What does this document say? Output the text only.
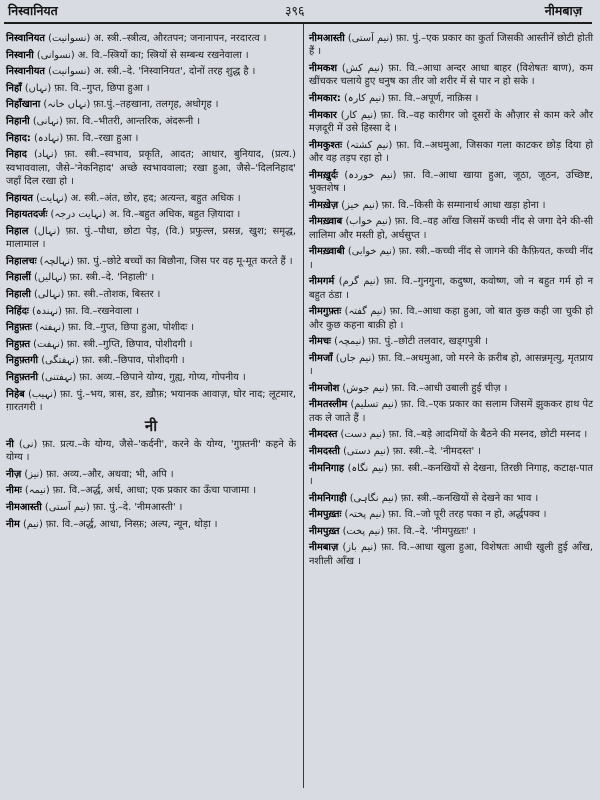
निस्वानियत	३९६	नीमबाज़
निस्वानियत (نسوانیت) अ. स्त्री.–स्त्रीत्व, औरतपन; जनानापन, नरदारत्व ।
निस्वानी (نسوانی) अ. वि.–स्त्रियों का; स्त्रियों से सम्बन्ध रखनेवाला ।
निस्वानीयत (نسوانیت) अ. स्त्री.–दे. 'निस्वानियत', दोनों तरह शुद्ध है ।
निहाँ (نہاں) फ़ा. वि.–गुप्त, छिपा हुआ ।
निहाँखाना (نہاں خانہ) फ़ा.पुं.–तहखाना, तलगृह, अधोगृह ।
निहानी (نہانی) फ़ा. वि.–भीतरी, आन्तरिक, अंदरूनी ।
निहाद: (نہادہ) फ़ा. वि.–रखा हुआ ।
निहाद (نہاد) फ़ा. स्त्री.–स्वभाव, प्रकृति, आदत; आधार, बुनियाद, (प्रत्य.) स्वभाववाला, जैसे–'नेकनिहाद' अच्छे स्वभाववाला; रखा हुआ, जैसे–'दिलनिहाद' जहाँ दिल रखा हो ।
निहायत (نہایت) अ. स्त्री.–अंत, छोर, हद; अत्यन्त, बहुत अधिक ।
निहायतदर्जः (نہایت درجہ) अ. वि.–बहुत अधिक, बहुत ज़ियादा ।
निहाल (نہال) फ़ा. पुं.–पौधा, छोटा पेड़, (वि.) प्रफुल्ल, प्रसन्न, खुश; समृद्ध, मालामाल ।
निहालचः (نہالچہ) फ़ा. पुं.–छोटे बच्चों का बिछौना, जिस पर वह मू-मूत करते हैं ।
निहालीं (نہالیں) फ़ा. स्त्री.–दे. 'निहाली' ।
निहाली (نہالی) फ़ा. स्त्री.–तोशक, बिस्तर ।
निहिंदः (نہندہ) फ़ा. वि.–रखनेवाला ।
निहुफ़्तः (نہفتہ) फ़ा. वि.–गुप्त, छिपा हुआ, पोशीदः ।
निहुफ़्त (نہفت) फ़ा. स्त्री.–गुप्ति, छिपाव, पोशीदगी ।
निहुफ़्तगी (نہفتگی) फ़ा. स्त्री.–छिपाव, पोशीदगी ।
निहुफ़्तनी (نہفتنی) फ़ा. अव्य.–छिपाने योग्य, गुह्य, गोप्य, गोपनीय ।
निहेब (نہیب) फ़ा. पुं.–भय, त्रास, डर, ख़ौफ़; भयानक आवाज़, घोर नाद; लूटमार, ग़ारतगरी ।
नी
नी (نی) फ़ा. प्रत्य.–के योग्य, जैसे–'कर्दनी', करने के योग्य, 'गुफ़्तनी' कहने के योग्य ।
नीज़ (نیز) फ़ा. अव्य.–और, अथवा; भी, अपि ।
नीमः (نیمہ) फ़ा. वि.–अर्द्ध, अर्ध, आधा; एक प्रकार का ऊँचा पाजामा ।
नीमआस्ती (نیم آستی) फ़ा. पुं.–दे. 'नीमआस्ती' ।
नीम (نیم) फ़ा. वि.–अर्द्ध, आधा, निस्फ़; अल्प, न्यून, थोड़ा ।
नीमआस्ती (نیم آستی) फ़ा. पुं.–एक प्रकार का कुर्ता जिसकी आस्तीनें छोटी होती हैं ।
नीमकश (نیم کش) फ़ा. वि.–आधा अन्दर आधा बाहर (विशेषतः बाण), कम खींचकर चलाये हुए धनुष का तीर जो शरीर में से पार न हो सके ।
नीमकार: (نیم کارہ) फ़ा. वि.–अपूर्ण, नाक़िस ।
नीमकार (نیم کار) फ़ा. वि.–वह कारीगर जो दूसरों के औज़ार से काम करे और मज़दूरी में उसे हिस्सा दे ।
नीमकुश्तः (نیم کشتہ) फ़ा. वि.–अधमुआ, जिसका गला काटकर छोड़ दिया हो और वह तड़प रहा हो ।
नीमख़ुर्दः (نیم خوردہ) फ़ा. वि.–आधा खाया हुआ, जूठा, जूठन, उच्छिष्ट, भुक्तशेष ।
नीमख़ेज़ (نیم خیز) फ़ा. वि.–किसी के सम्मानार्थ आधा खड़ा होना ।
नीमख़्वाब (نیم خواب) फ़ा. वि.–वह आँख जिसमें कच्ची नींद से जगा देने की-सी लालिमा और मस्ती हो, अर्धसुप्त ।
नीमख़्वाबी (نیم خوابی) फ़ा. स्त्री.–कच्ची नींद से जागने की कैफ़ियत, कच्ची नींद ।
नीमगर्म (نیم گرم) फ़ा. वि.–गुनगुना, कदुष्ण, कवोष्ण, जो न बहुत गर्म हो न बहुत ठंडा ।
नीमगुफ़्तः (نیم گفتہ) फ़ा. वि.–आधा कहा हुआ, जो बात कुछ कही जा चुकी हो और कुछ कहना बाक़ी हो ।
नीमचः (نیمچہ) फ़ा. पुं.–छोटी तलवार, खड्गपुत्री ।
नीमजाँ (نیم جاں) फ़ा. वि.–अधमुआ, जो मरने के क़रीब हो, आसन्नमृत्यु, मृतप्राय ।
नीमजोश (نیم جوش) फ़ा. वि.–आधी उबाली हुई चीज़ ।
नीमतस्लीम (نیم تسلیم) फ़ा. वि.–एक प्रकार का सलाम जिसमें झुककर हाथ पेट तक ले जाते हैं ।
नीमदस्त (نیم دست) फ़ा. वि.–बड़े आदमियों के बैठने की मस्नद, छोटी मस्नद ।
नीमदस्ती (نیم دستی) फ़ा. स्त्री.–दे. 'नीमदस्त' ।
नीमनिगाह (نیم نگاہ) फ़ा. स्त्री.–कनखियों से देखना, तिरछी निगाह, कटाक्ष-पात ।
नीमनिगाही (نیم نگاہی) फ़ा. स्त्री.–कनखियों से देखने का भाव ।
नीमपुख़्तः (نیم پختہ) फ़ा. वि.–जो पूरी तरह पका न हो, अर्द्धपक्व ।
नीमपुख़्त (نیم پخت) फ़ा. वि.–दे. 'नीमपुख़्तः' ।
नीमबाज़ (نیم باز) फ़ा. वि.–आधा खुला हुआ, विशेषतः आधी खुली हुई आँख, नशीली आँख ।
